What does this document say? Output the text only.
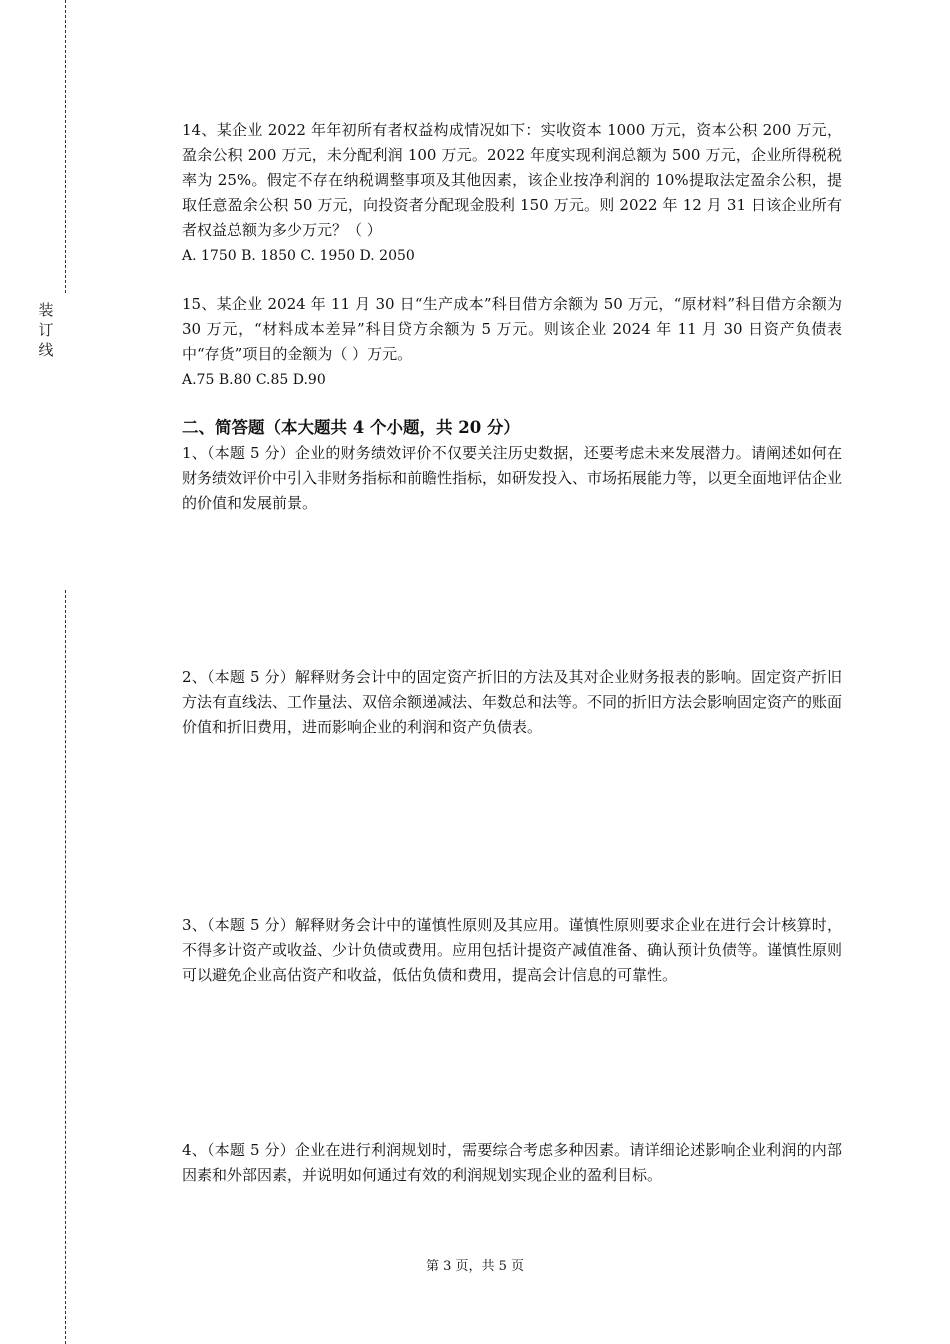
装
订
线
14、某企业 2022 年年初所有者权益构成情况如下：实收资本 1000 万元，资本公积 200 万元，盈余公积 200 万元，未分配利润 100 万元。2022 年度实现利润总额为 500 万元，企业所得税税率为 25%。假定不存在纳税调整事项及其他因素，该企业按净利润的 10%提取法定盈余公积，提取任意盈余公积 50 万元，向投资者分配现金股利 150 万元。则 2022 年 12 月 31 日该企业所有者权益总额为多少万元？（ ）
A. 1750 B. 1850 C. 1950 D. 2050
15、某企业 2024 年 11 月 30 日“生产成本”科目借方余额为 50 万元，“原材料”科目借方余额为 30 万元，“材料成本差异”科目贷方余额为 5 万元。则该企业 2024 年 11 月 30 日资产负债表中“存货”项目的金额为（ ）万元。
A.75 B.80 C.85 D.90
二、简答题（本大题共 4 个小题，共 20 分）
1、（本题 5 分）企业的财务绩效评价不仅要关注历史数据，还要考虑未来发展潜力。请阐述如何在财务绩效评价中引入非财务指标和前瞻性指标，如研发投入、市场拓展能力等，以更全面地评估企业的价值和发展前景。
2、（本题 5 分）解释财务会计中的固定资产折旧的方法及其对企业财务报表的影响。固定资产折旧方法有直线法、工作量法、双倍余额递减法、年数总和法等。不同的折旧方法会影响固定资产的账面价值和折旧费用，进而影响企业的利润和资产负债表。
3、（本题 5 分）解释财务会计中的谨慎性原则及其应用。谨慎性原则要求企业在进行会计核算时，不得多计资产或收益、少计负债或费用。应用包括计提资产减值准备、确认预计负债等。谨慎性原则可以避免企业高估资产和收益，低估负债和费用，提高会计信息的可靠性。
4、（本题 5 分）企业在进行利润规划时，需要综合考虑多种因素。请详细论述影响企业利润的内部因素和外部因素，并说明如何通过有效的利润规划实现企业的盈利目标。
第 3 页，共 5 页
